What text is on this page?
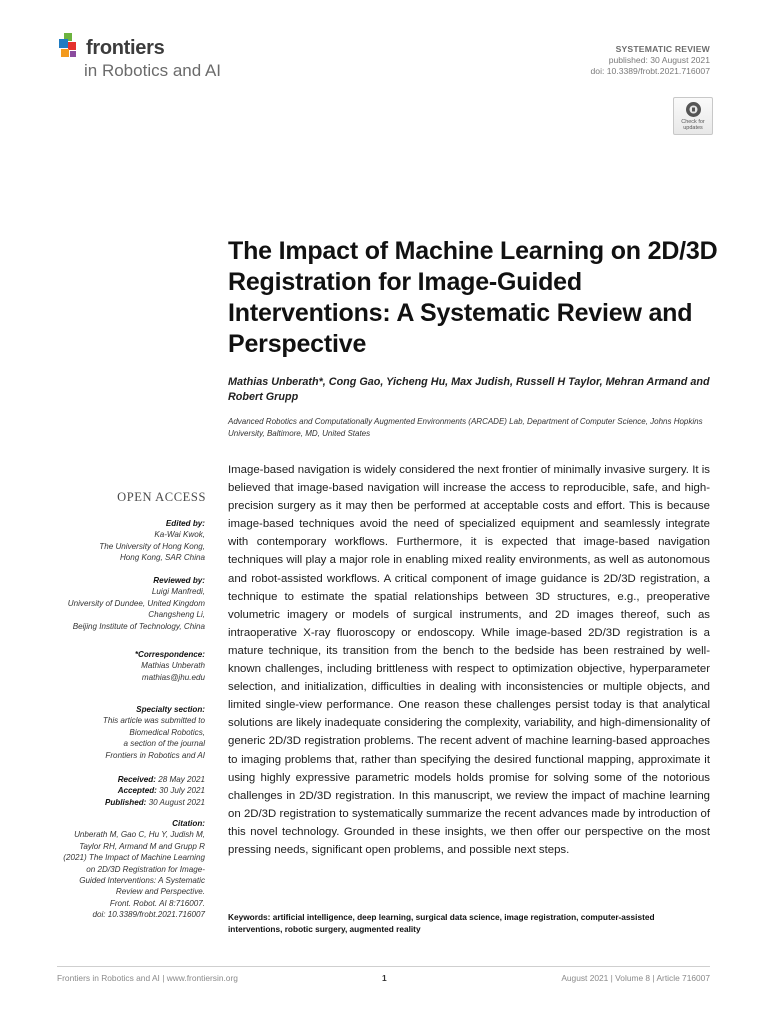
frontiers
in Robotics and AI
SYSTEMATIC REVIEW
published: 30 August 2021
doi: 10.3389/frobt.2021.716007
Check for updates
The Impact of Machine Learning on 2D/3D Registration for Image-Guided Interventions: A Systematic Review and Perspective
Mathias Unberath*, Cong Gao, Yicheng Hu, Max Judish, Russell H Taylor, Mehran Armand and Robert Grupp
Advanced Robotics and Computationally Augmented Environments (ARCADE) Lab, Department of Computer Science, Johns Hopkins University, Baltimore, MD, United States
Image-based navigation is widely considered the next frontier of minimally invasive surgery. It is believed that image-based navigation will increase the access to reproducible, safe, and high-precision surgery as it may then be performed at acceptable costs and effort. This is because image-based techniques avoid the need of specialized equipment and seamlessly integrate with contemporary workflows. Furthermore, it is expected that image-based navigation techniques will play a major role in enabling mixed reality environments, as well as autonomous and robot-assisted workflows. A critical component of image guidance is 2D/3D registration, a technique to estimate the spatial relationships between 3D structures, e.g., preoperative volumetric imagery or models of surgical instruments, and 2D images thereof, such as intraoperative X-ray fluoroscopy or endoscopy. While image-based 2D/3D registration is a mature technique, its transition from the bench to the bedside has been restrained by well-known challenges, including brittleness with respect to optimization objective, hyperparameter selection, and initialization, difficulties in dealing with inconsistencies or multiple objects, and limited single-view performance. One reason these challenges persist today is that analytical solutions are likely inadequate considering the complexity, variability, and high-dimensionality of generic 2D/3D registration problems. The recent advent of machine learning-based approaches to imaging problems that, rather than specifying the desired functional mapping, approximate it using highly expressive parametric models holds promise for solving some of the notorious challenges in 2D/3D registration. In this manuscript, we review the impact of machine learning on 2D/3D registration to systematically summarize the recent advances made by introduction of this novel technology. Grounded in these insights, we then offer our perspective on the most pressing needs, significant open problems, and possible next steps.
Keywords: artificial intelligence, deep learning, surgical data science, image registration, computer-assisted interventions, robotic surgery, augmented reality
OPEN ACCESS
Edited by:
Ka-Wai Kwok,
The University of Hong Kong,
Hong Kong, SAR China
Reviewed by:
Luigi Manfredi,
University of Dundee, United Kingdom
Changsheng Li,
Beijing Institute of Technology, China
*Correspondence:
Mathias Unberath
mathias@jhu.edu
Specialty section:
This article was submitted to
Biomedical Robotics,
a section of the journal
Frontiers in Robotics and AI
Received: 28 May 2021
Accepted: 30 July 2021
Published: 30 August 2021
Citation:
Unberath M, Gao C, Hu Y, Judish M,
Taylor RH, Armand M and Grupp R
(2021) The Impact of Machine Learning
on 2D/3D Registration for Image-
Guided Interventions: A Systematic
Review and Perspective.
Front. Robot. AI 8:716007.
doi: 10.3389/frobt.2021.716007
Frontiers in Robotics and AI | www.frontiersin.org	1	August 2021 | Volume 8 | Article 716007
